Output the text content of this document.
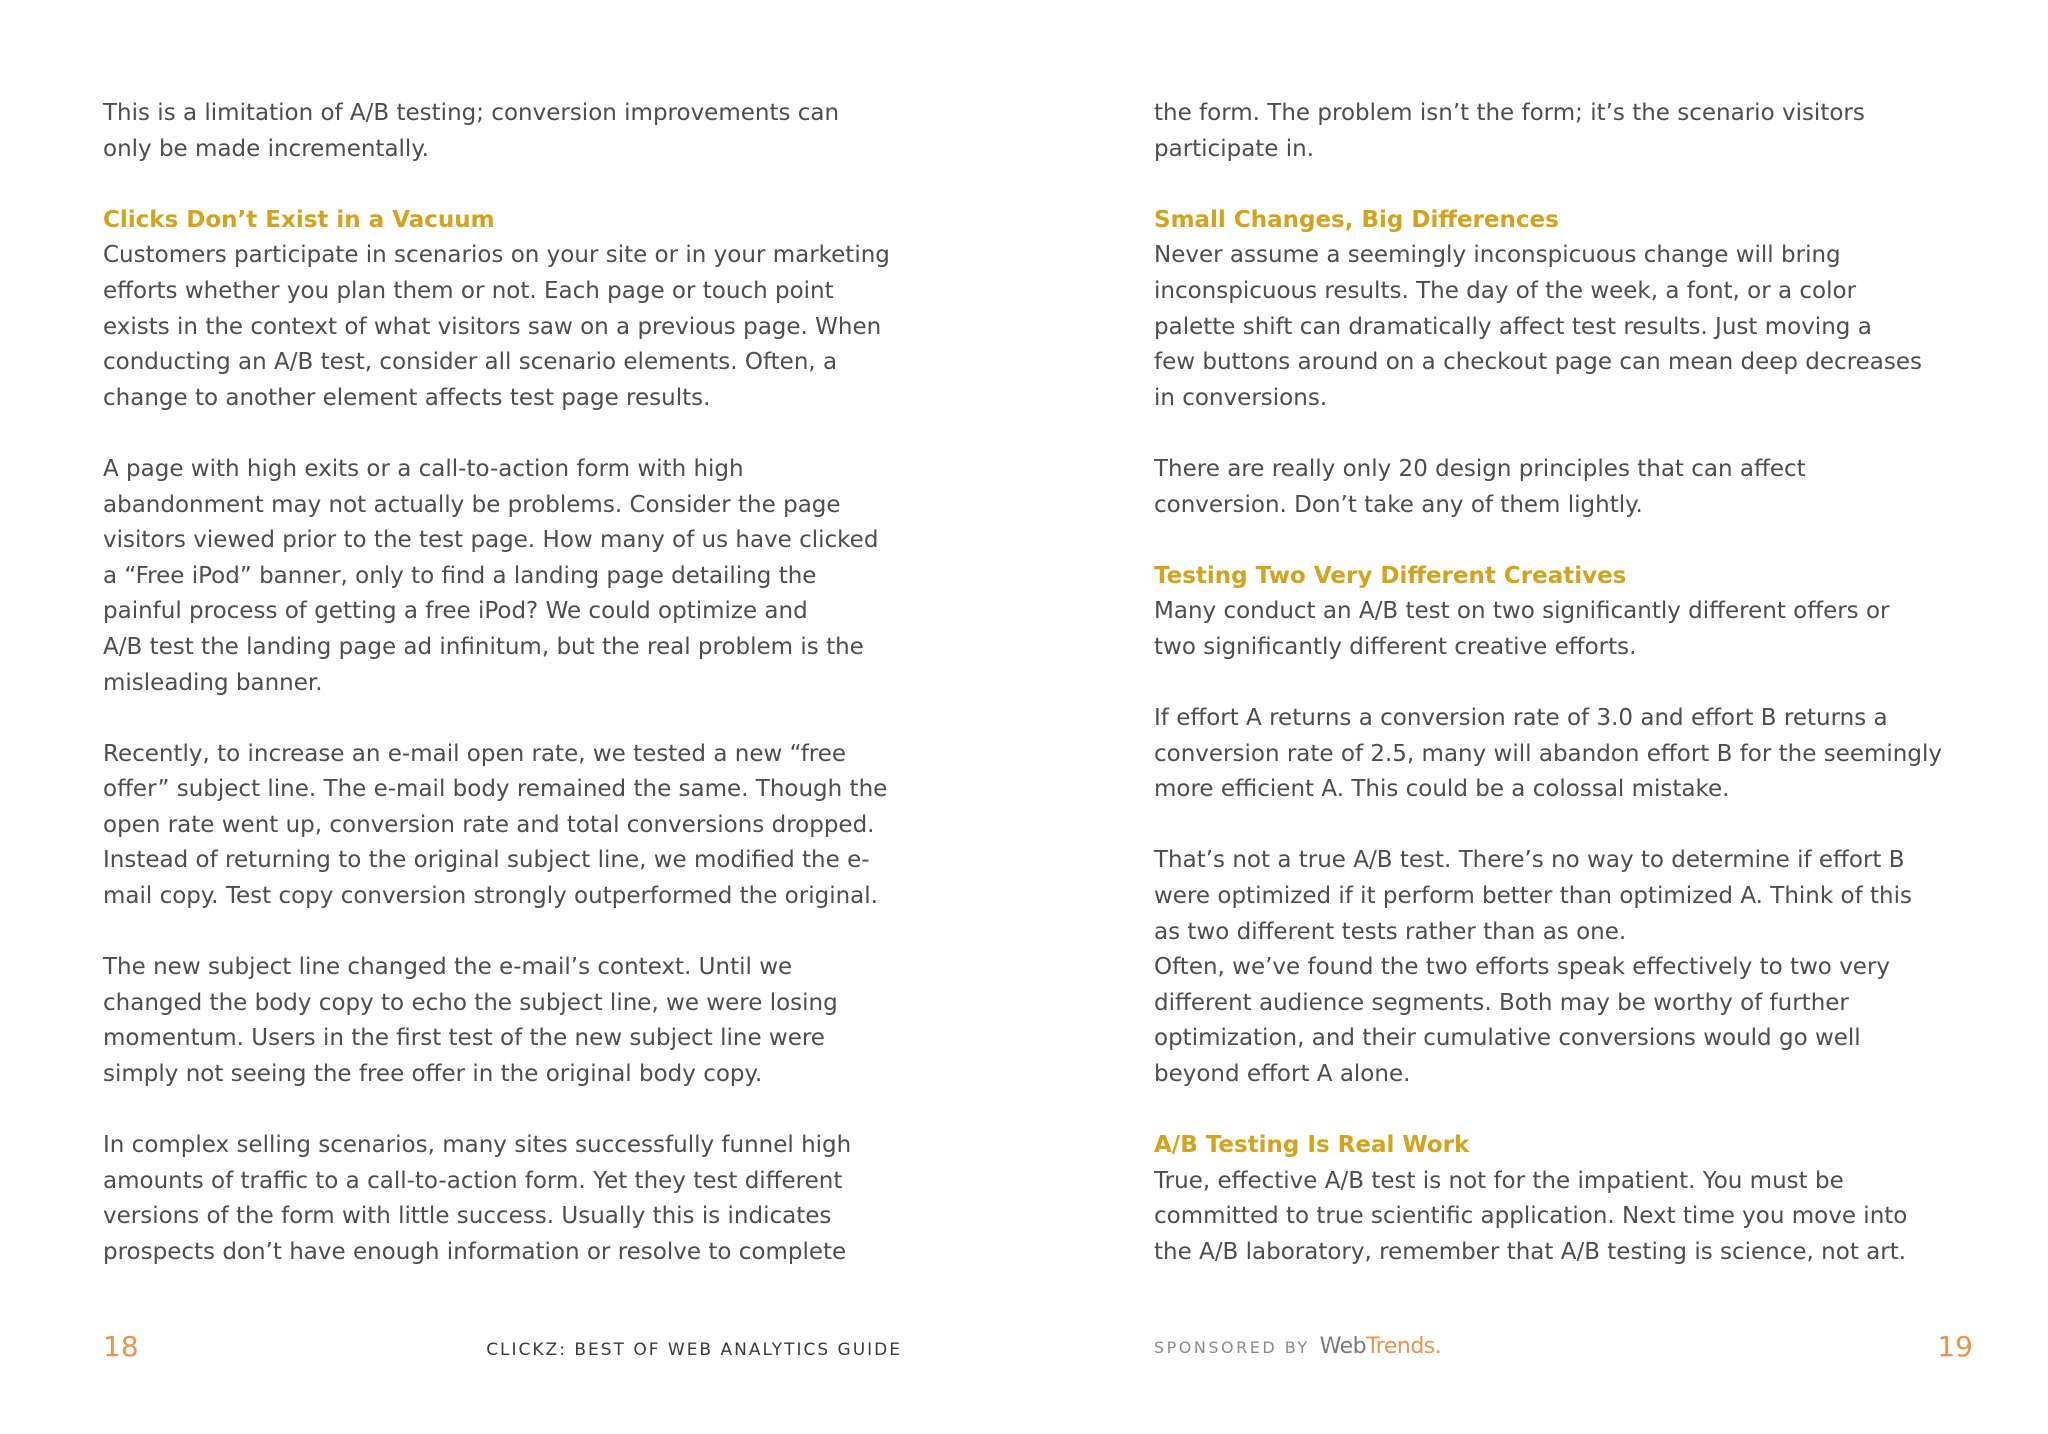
This is a limitation of A/B testing; conversion improvements can
only be made incrementally.

Clicks Don’t Exist in a Vacuum

Customers participate in scenarios on your site or in your marketing
efforts whether you plan them or not. Each page or touch point
exists in the context of what visitors saw on a previous page. When
conducting an A/B test, consider all scenario elements. Often, a
change to another element affects test page results.

A page with high exits or a call-to-action form with high
abandonment may not actually be problems. Consider the page
visitors viewed prior to the test page. How many of us have clicked
a “Free iPod” banner, only to find a landing page detailing the
painful process of getting a free iPod? We could optimize and
A/B test the landing page ad infinitum, but the real problem is the
misleading banner.

Recently, to increase an e-mail open rate, we tested a new “free
offer” subject line. The e-mail body remained the same. Though the
open rate went up, conversion rate and total conversions dropped.
Instead of returning to the original subject line, we modified the e-
mail copy. Test copy conversion strongly outperformed the original.

The new subject line changed the e-mail’s context. Until we
changed the body copy to echo the subject line, we were losing
momentum. Users in the first test of the new subject line were
simply not seeing the free offer in the original body copy.

In complex selling scenarios, many sites successfully funnel high
amounts of traffic to a call-to-action form. Yet they test different
versions of the form with little success. Usually this is indicates
prospects don’t have enough information or resolve to complete

18	CLICKZ: BEST OF WEB ANALYTICS GUIDE

the form. The problem isn’t the form; it’s the scenario visitors
participate in.

Small Changes, Big Differences

Never assume a seemingly inconspicuous change will bring
inconspicuous results. The day of the week, a font, or a color
palette shift can dramatically affect test results. Just moving a
few buttons around on a checkout page can mean deep decreases
in conversions.

There are really only 20 design principles that can affect
conversion. Don’t take any of them lightly.

Testing Two Very Different Creatives

Many conduct an A/B test on two significantly different offers or
two significantly different creative efforts.

If effort A returns a conversion rate of 3.0 and effort B returns a
conversion rate of 2.5, many will abandon effort B for the seemingly
more efficient A. This could be a colossal mistake.

That’s not a true A/B test. There’s no way to determine if effort B
were optimized if it perform better than optimized A. Think of this
as two different tests rather than as one.

Often, we’ve found the two efforts speak effectively to two very
different audience segments. Both may be worthy of further
optimization, and their cumulative conversions would go well
beyond effort A alone.

A/B Testing Is Real Work

True, effective A/B test is not for the impatient. You must be
committed to true scientific application. Next time you move into
the A/B laboratory, remember that A/B testing is science, not art.

SPONSORED BY WebTrends.	19
